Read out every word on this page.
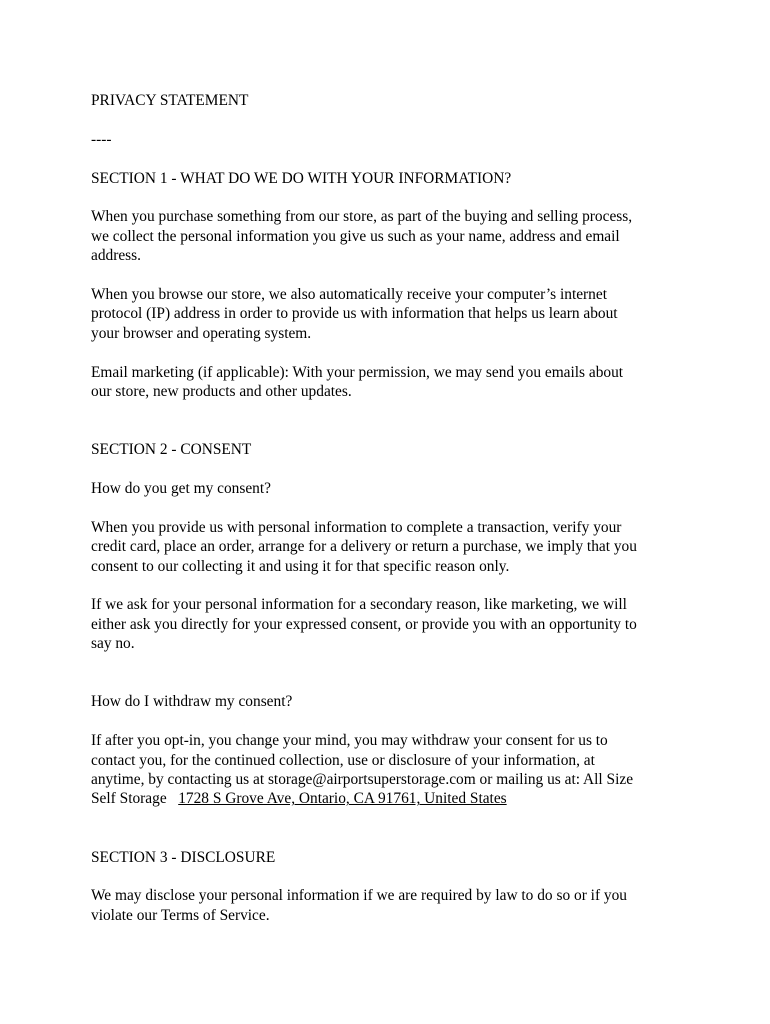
PRIVACY STATEMENT

----

SECTION 1 - WHAT DO WE DO WITH YOUR INFORMATION?

When you purchase something from our store, as part of the buying and selling process,
we collect the personal information you give us such as your name, address and email
address.

When you browse our store, we also automatically receive your computer’s internet
protocol (IP) address in order to provide us with information that helps us learn about
your browser and operating system.

Email marketing (if applicable): With your permission, we may send you emails about
our store, new products and other updates.

SECTION 2 - CONSENT

How do you get my consent?

When you provide us with personal information to complete a transaction, verify your
credit card, place an order, arrange for a delivery or return a purchase, we imply that you
consent to our collecting it and using it for that specific reason only.

If we ask for your personal information for a secondary reason, like marketing, we will
either ask you directly for your expressed consent, or provide you with an opportunity to
say no.

How do I withdraw my consent?

If after you opt-in, you change your mind, you may withdraw your consent for us to
contact you, for the continued collection, use or disclosure of your information, at
anytime, by contacting us at storage@airportsuperstorage.com or mailing us at: All Size

Self Storage   1728 S Grove Ave, Ontario, CA 91761, United States

SECTION 3 - DISCLOSURE

We may disclose your personal information if we are required by law to do so or if you
violate our Terms of Service.
